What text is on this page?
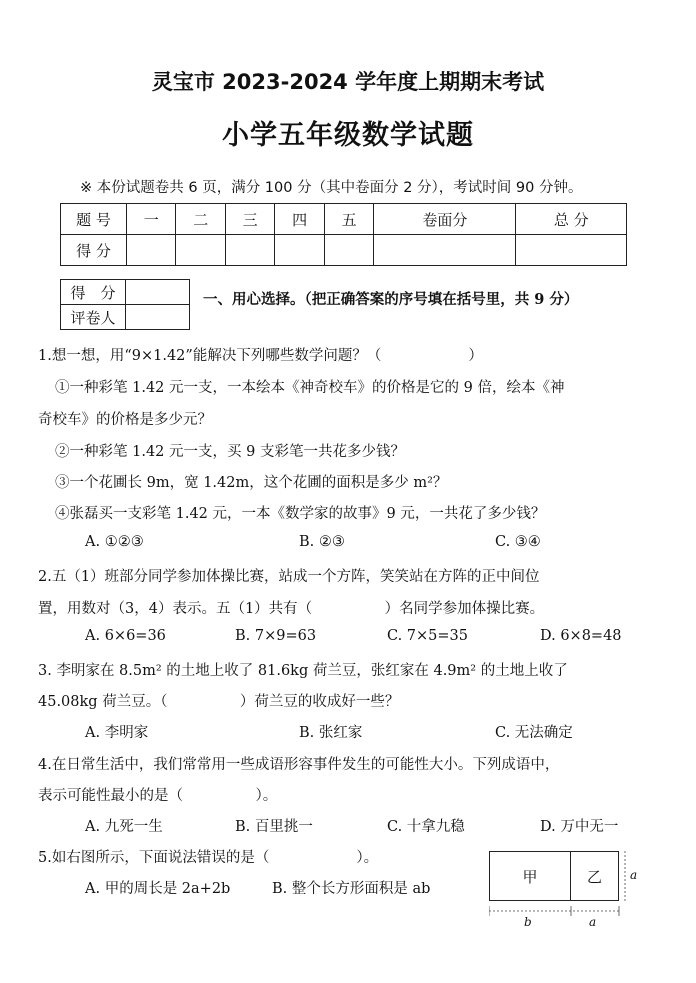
灵宝市 2023-2024 学年度上期期末考试
小学五年级数学试题
※ 本份试题卷共 6 页，满分 100 分（其中卷面分 2 分），考试时间 90 分钟。
题 号	一	二	三	四	五	卷面分	总 分
得 分							
得　分	
评卷人	
一、用心选择。（把正确答案的序号填在括号里，共 9 分）
1.想一想，用“9×1.42”能解决下列哪些数学问题？（　　　　　　）
①一种彩笔 1.42 元一支，一本绘本《神奇校车》的价格是它的 9 倍，绘本《神
奇校车》的价格是多少元？
②一种彩笔 1.42 元一支，买 9 支彩笔一共花多少钱？
③一个花圃长 9m，宽 1.42m，这个花圃的面积是多少 m²？
④张磊买一支彩笔 1.42 元，一本《数学家的故事》9 元，一共花了多少钱？
A. ①②③	B. ②③	C. ③④
2.五（1）班部分同学参加体操比赛，站成一个方阵，笑笑站在方阵的正中间位
置，用数对（3，4）表示。五（1）共有（　　　　　）名同学参加体操比赛。
A. 6×6=36	B. 7×9=63	C. 7×5=35	D. 6×8=48
3. 李明家在 8.5m² 的土地上收了 81.6kg 荷兰豆，张红家在 4.9m² 的土地上收了
45.08kg 荷兰豆。（　　　　　）荷兰豆的收成好一些？
A. 李明家	B. 张红家	C. 无法确定
4.在日常生活中，我们常常用一些成语形容事件发生的可能性大小。下列成语中，
表示可能性最小的是（　　　　　）。
A. 九死一生	B. 百里挑一	C. 十拿九稳	D. 万中无一
5.如右图所示，下面说法错误的是（　　　　　　）。
A. 甲的周长是 2a+2b	B. 整个长方形面积是 ab
甲	乙	a
b	a
